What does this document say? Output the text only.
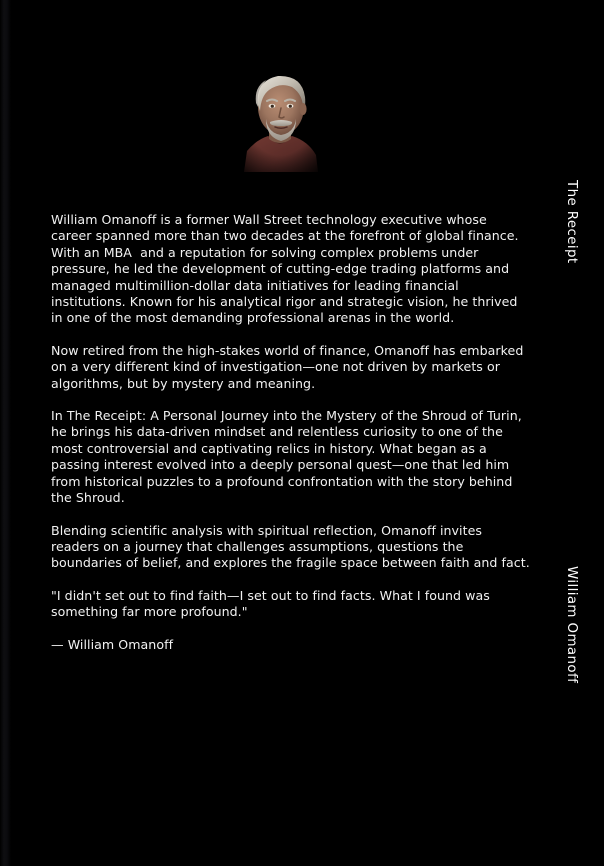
William Omanoff is a former Wall Street technology executive whose career spanned more than two decades at the forefront of global finance. With an MBA  and a reputation for solving complex problems under pressure, he led the development of cutting-edge trading platforms and managed multimillion-dollar data initiatives for leading financial institutions. Known for his analytical rigor and strategic vision, he thrived in one of the most demanding professional arenas in the world.

Now retired from the high-stakes world of finance, Omanoff has embarked on a very different kind of investigation—one not driven by markets or algorithms, but by mystery and meaning.

In The Receipt: A Personal Journey into the Mystery of the Shroud of Turin, he brings his data-driven mindset and relentless curiosity to one of the most controversial and captivating relics in history. What began as a passing interest evolved into a deeply personal quest—one that led him from historical puzzles to a profound confrontation with the story behind the Shroud.

Blending scientific analysis with spiritual reflection, Omanoff invites readers on a journey that challenges assumptions, questions the boundaries of belief, and explores the fragile space between faith and fact.

"I didn't set out to find faith—I set out to find facts. What I found was something far more profound."

— William Omanoff

The Receipt
William Omanoff
